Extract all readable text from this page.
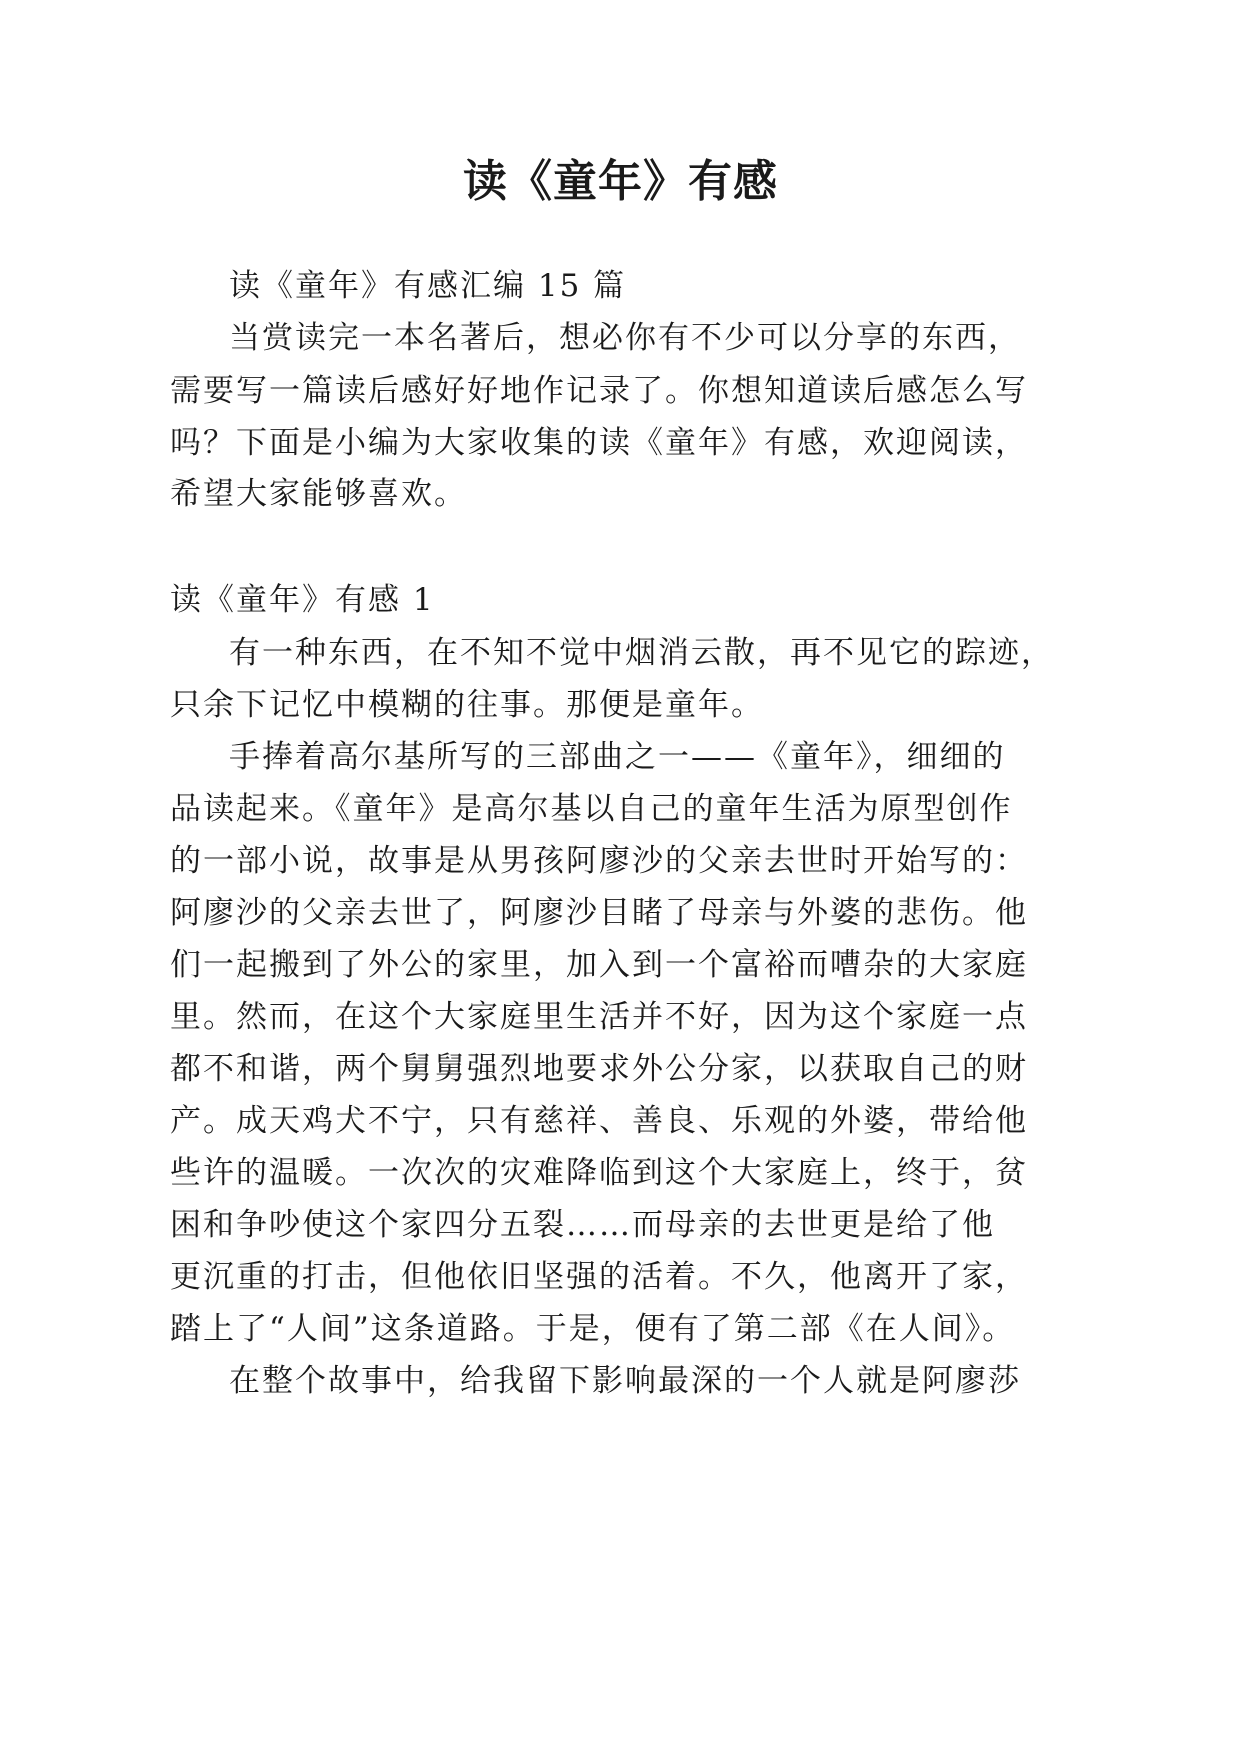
读《童年》有感

读《童年》有感汇编 15 篇

当赏读完一本名著后，想必你有不少可以分享的东西，

需要写一篇读后感好好地作记录了。你想知道读后感怎么写

吗？下面是小编为大家收集的读《童年》有感，欢迎阅读，

希望大家能够喜欢。

读《童年》有感 1

有一种东西，在不知不觉中烟消云散，再不见它的踪迹，

只余下记忆中模糊的往事。那便是童年。

手捧着高尔基所写的三部曲之一——《童年》，细细的

品读起来。《童年》是高尔基以自己的童年生活为原型创作

的一部小说，故事是从男孩阿廖沙的父亲去世时开始写的：

阿廖沙的父亲去世了，阿廖沙目睹了母亲与外婆的悲伤。他

们一起搬到了外公的家里，加入到一个富裕而嘈杂的大家庭

里。然而，在这个大家庭里生活并不好，因为这个家庭一点

都不和谐，两个舅舅强烈地要求外公分家，以获取自己的财

产。成天鸡犬不宁，只有慈祥、善良、乐观的外婆，带给他

些许的温暖。一次次的灾难降临到这个大家庭上，终于，贫

困和争吵使这个家四分五裂……而母亲的去世更是给了他

更沉重的打击，但他依旧坚强的活着。不久，他离开了家，

踏上了“人间”这条道路。于是，便有了第二部《在人间》。

在整个故事中，给我留下影响最深的一个人就是阿廖莎
